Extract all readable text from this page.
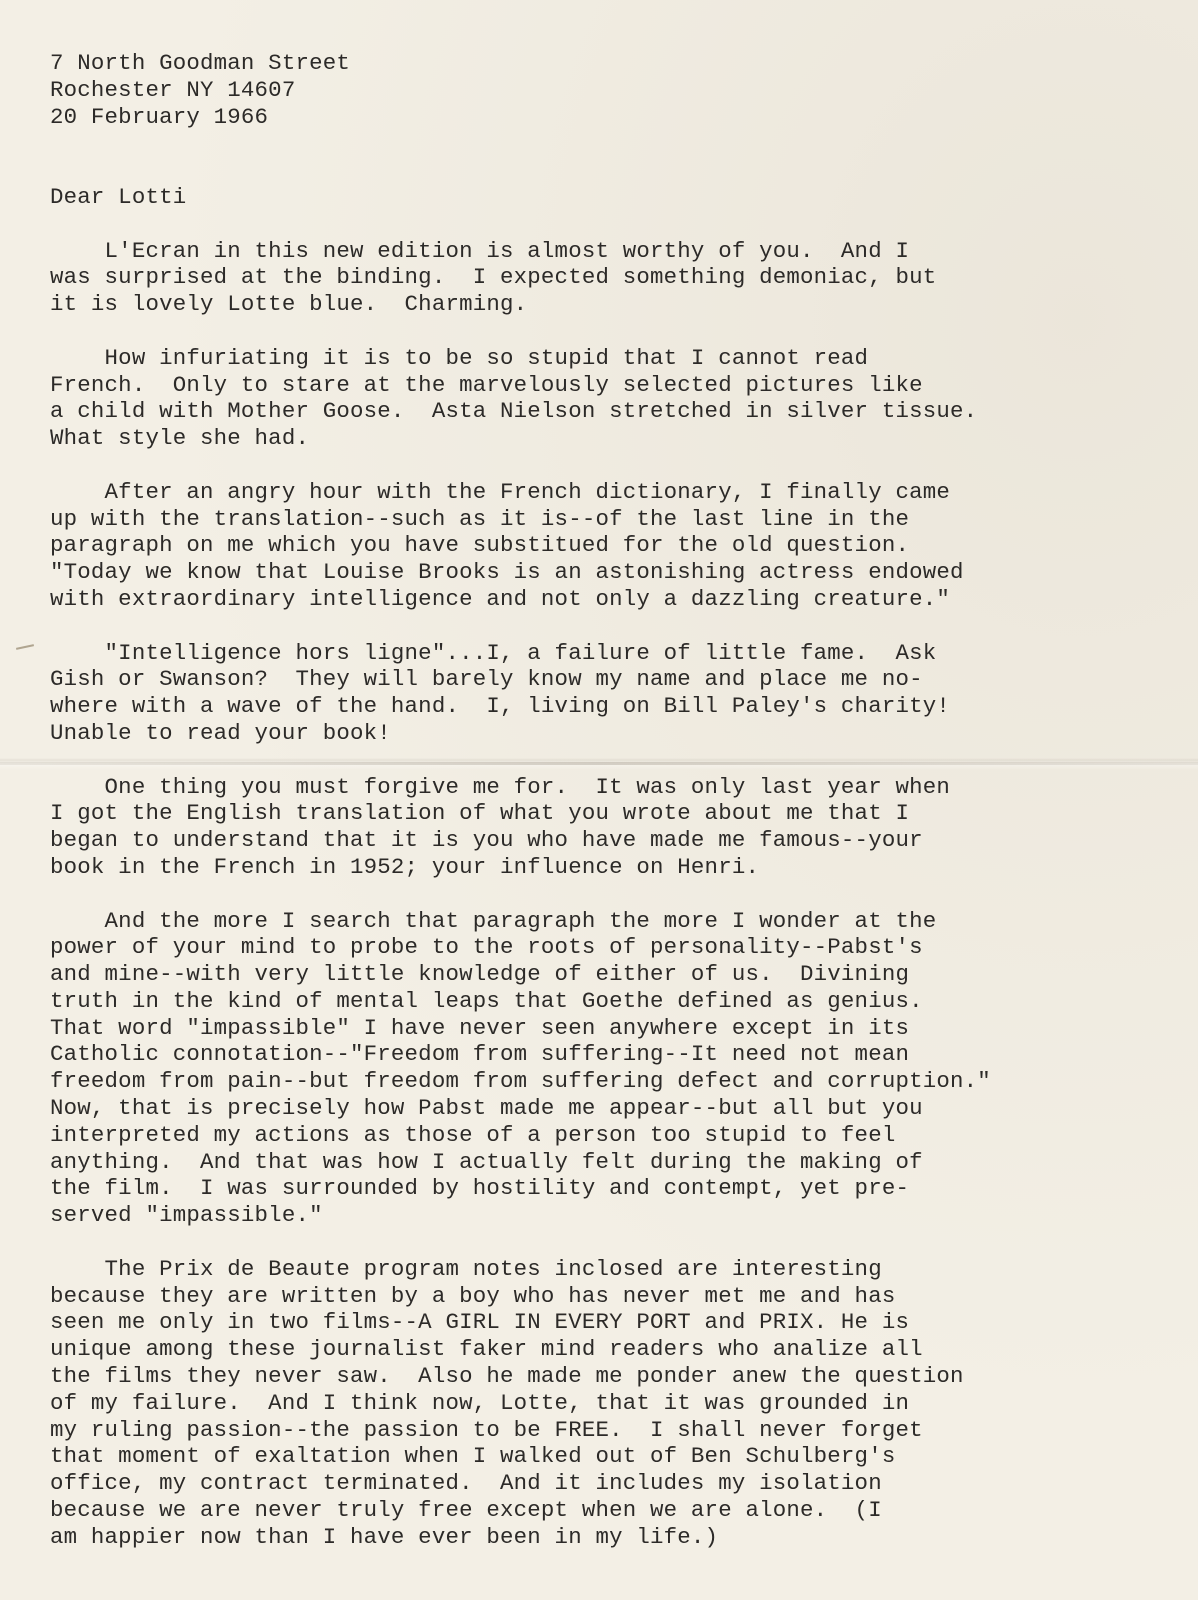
7 North Goodman Street
Rochester NY 14607
20 February 1966
Dear Lotti
L'Ecran in this new edition is almost worthy of you.  And I
was surprised at the binding.  I expected something demoniac, but
it is lovely Lotte blue.  Charming.
How infuriating it is to be so stupid that I cannot read
French.  Only to stare at the marvelously selected pictures like
a child with Mother Goose.  Asta Nielson stretched in silver tissue.
What style she had.
After an angry hour with the French dictionary, I finally came
up with the translation--such as it is--of the last line in the
paragraph on me which you have substitued for the old question.
"Today we know that Louise Brooks is an astonishing actress endowed
with extraordinary intelligence and not only a dazzling creature."
"Intelligence hors ligne"...I, a failure of little fame.  Ask
Gish or Swanson?  They will barely know my name and place me no-
where with a wave of the hand.  I, living on Bill Paley's charity!
Unable to read your book!
One thing you must forgive me for.  It was only last year when
I got the English translation of what you wrote about me that I
began to understand that it is you who have made me famous--your
book in the French in 1952; your influence on Henri.
And the more I search that paragraph the more I wonder at the
power of your mind to probe to the roots of personality--Pabst's
and mine--with very little knowledge of either of us.  Divining
truth in the kind of mental leaps that Goethe defined as genius.
That word "impassible" I have never seen anywhere except in its
Catholic connotation--"Freedom from suffering--It need not mean
freedom from pain--but freedom from suffering defect and corruption."
Now, that is precisely how Pabst made me appear--but all but you
interpreted my actions as those of a person too stupid to feel
anything.  And that was how I actually felt during the making of
the film.  I was surrounded by hostility and contempt, yet pre-
served "impassible."
The Prix de Beaute program notes inclosed are interesting
because they are written by a boy who has never met me and has
seen me only in two films--A GIRL IN EVERY PORT and PRIX. He is
unique among these journalist faker mind readers who analize all
the films they never saw.  Also he made me ponder anew the question
of my failure.  And I think now, Lotte, that it was grounded in
my ruling passion--the passion to be FREE.  I shall never forget
that moment of exaltation when I walked out of Ben Schulberg's
office, my contract terminated.  And it includes my isolation
because we are never truly free except when we are alone.  (I
am happier now than I have ever been in my life.)
